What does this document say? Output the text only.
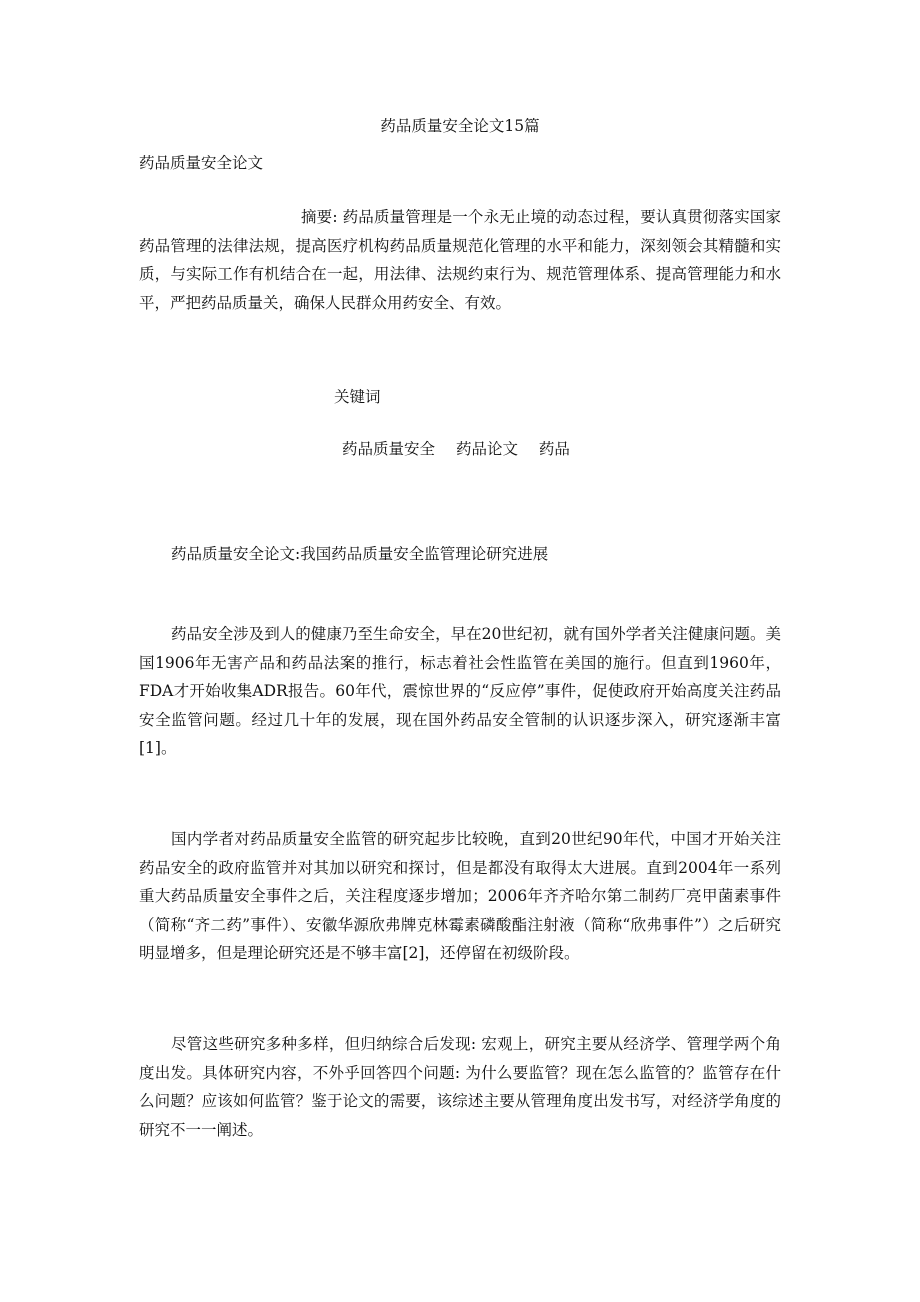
药品质量安全论文15篇
药品质量安全论文

摘要: 药品质量管理是一个永无止境的动态过程，要认真贯彻落实国家药品管理的法律法规，提高医疗机构药品质量规范化管理的水平和能力，深刻领会其精髓和实质，与实际工作有机结合在一起，用法律、法规约束行为、规范管理体系、提高管理能力和水平，严把药品质量关，确保人民群众用药安全、有效。

关键词
药品质量安全 药品论文 药品
药品质量安全论文:我国药品质量安全监管理论研究进展

药品安全涉及到人的健康乃至生命安全，早在20世纪初，就有国外学者关注健康问题。美国1906年无害产品和药品法案的推行，标志着社会性监管在美国的施行。但直到1960年，FDA才开始收集ADR报告。60年代，震惊世界的“反应停”事件，促使政府开始高度关注药品安全监管问题。经过几十年的发展，现在国外药品安全管制的认识逐步深入，研究逐渐丰富[1]。

国内学者对药品质量安全监管的研究起步比较晚，直到20世纪90年代，中国才开始关注药品安全的政府监管并对其加以研究和探讨，但是都没有取得太大进展。直到2004年一系列重大药品质量安全事件之后，关注程度逐步增加；2006年齐齐哈尔第二制药厂亮甲菌素事件（简称“齐二药”事件）、安徽华源欣弗牌克林霉素磷酸酯注射液（简称“欣弗事件”）之后研究明显增多，但是理论研究还是不够丰富[2]，还停留在初级阶段。

尽管这些研究多种多样，但归纳综合后发现: 宏观上，研究主要从经济学、管理学两个角度出发。具体研究内容，不外乎回答四个问题: 为什么要监管？现在怎么监管的？监管存在什么问题？应该如何监管？鉴于论文的需要，该综述主要从管理角度出发书写，对经济学角度的研究不一一阐述。
